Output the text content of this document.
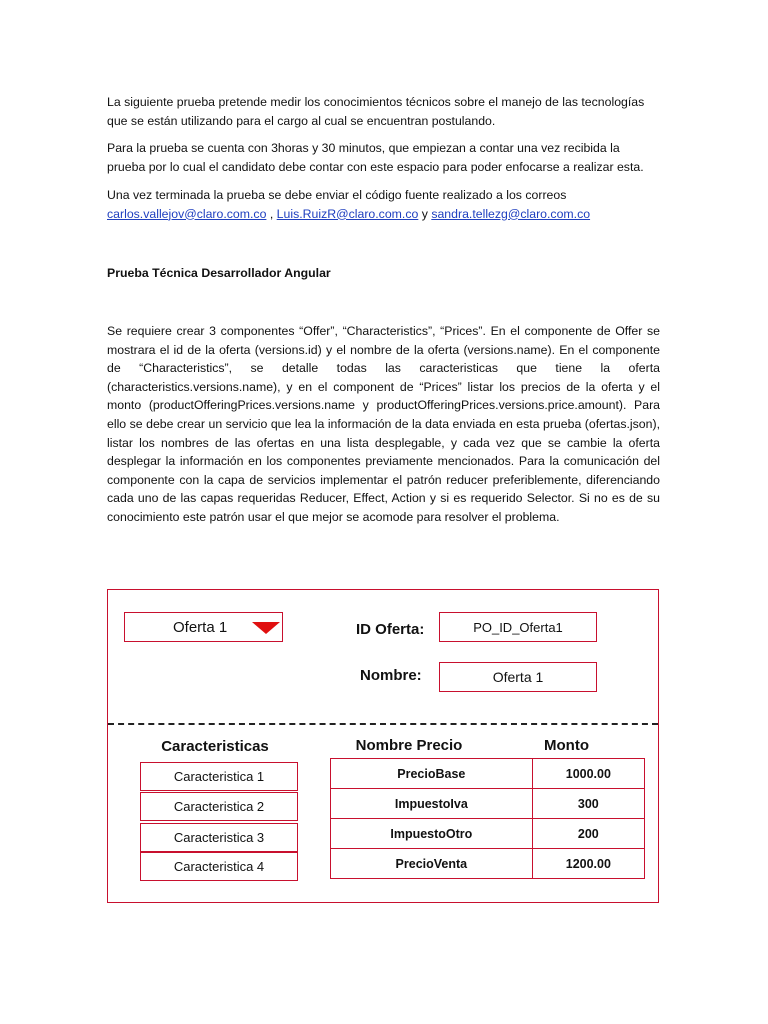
La siguiente prueba pretende medir los conocimientos técnicos sobre el manejo de las tecnologías que se están utilizando para el cargo al cual se encuentran postulando.

Para la prueba se cuenta con 3horas y 30 minutos, que empiezan a contar una vez recibida la prueba por lo cual el candidato debe contar con este espacio para poder enfocarse a realizar esta.

Una vez terminada la prueba se debe enviar el código fuente realizado a los correos
carlos.vallejov@claro.com.co , Luis.RuizR@claro.com.co y sandra.tellezg@claro.com.co

Prueba Técnica Desarrollador Angular

Se requiere crear 3 componentes “Offer”, “Characteristics”, “Prices”. En el componente de Offer se mostrara el id de la oferta (versions.id) y el nombre de la oferta (versions.name). En el componente de “Characteristics”, se detalle todas las caracteristicas que tiene la oferta (characteristics.versions.name), y en el component de “Prices” listar los precios de la oferta y el monto (productOfferingPrices.versions.name y productOfferingPrices.versions.price.amount). Para ello se debe crear un servicio que lea la información de la data enviada en esta prueba (ofertas.json), listar los nombres de las ofertas en una lista desplegable, y cada vez que se cambie la oferta desplegar la información en los componentes previamente mencionados. Para la comunicación del componente con la capa de servicios implementar el patrón reducer preferiblemente, diferenciando cada uno de las capas requeridas Reducer, Effect, Action y si es requerido Selector. Si no es de su conocimiento este patrón usar el que mejor se acomode para resolver el problema.

Oferta 1	ID Oferta:	PO_ID_Oferta1
Nombre:	Oferta 1
Caracteristicas	Nombre Precio	Monto
Caracteristica 1
Caracteristica 2
Caracteristica 3
Caracteristica 4
PrecioBase	1000.00
ImpuestoIva	300
ImpuestoOtro	200
PrecioVenta	1200.00
